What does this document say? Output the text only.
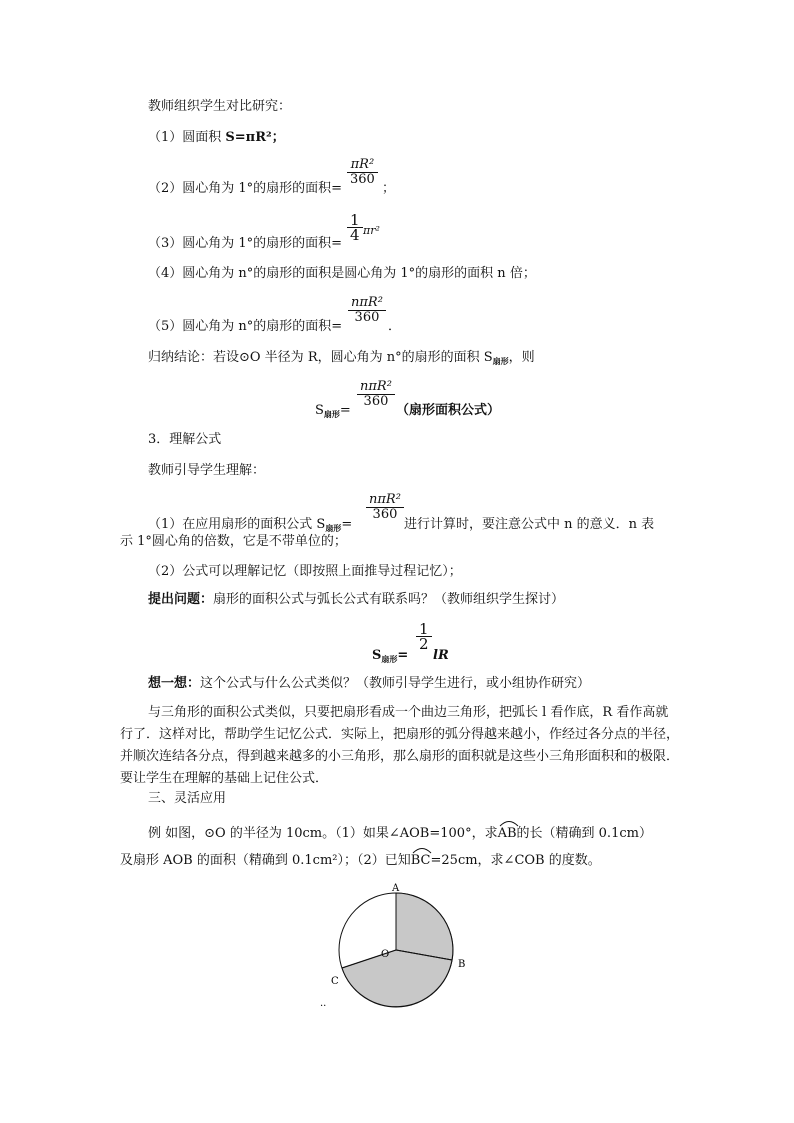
教师组织学生对比研究：
（1）圆面积 S=πR²；
（2）圆心角为 1°的扇形的面积=
πR²
360
；
（3）圆心角为 1°的扇形的面积=
1
4 πr²
（4）圆心角为 n°的扇形的面积是圆心角为 1°的扇形的面积 n 倍；
（5）圆心角为 n°的扇形的面积=
nπR²
360
．
归纳结论：若设⊙O 半径为 R，圆心角为 n°的扇形的面积 $S_{扇形}$，则
$S_{扇形}=$
nπR²
360
（扇形面积公式）
3．理解公式
教师引导学生理解：
（1）在应用扇形的面积公式 $S_{扇形}=$
nπR²
360
进行计算时，要注意公式中 n 的意义．n 表
示 1°圆心角的倍数，它是不带单位的；
（2）公式可以理解记忆（即按照上面推导过程记忆）；
提出问题：扇形的面积公式与弧长公式有联系吗？（教师组织学生探讨）
$S_{扇形}=$
1
2
lR
想一想：这个公式与什么公式类似？（教师引导学生进行，或小组协作研究）
与三角形的面积公式类似，只要把扇形看成一个曲边三角形，把弧长 l 看作底，R 看作高就行了．这样对比，帮助学生记忆公式．实际上，把扇形的弧分得越来越小，作经过各分点的半径，并顺次连结各分点，得到越来越多的小三角形，那么扇形的面积就是这些小三角形面积和的极限．要让学生在理解的基础上记住公式．
三、灵活应用
例 如图，⊙O 的半径为 10cm。（1）如果∠AOB=100°，求AB
的长（精确到 0.1cm）
及扇形 AOB 的面积（精确到 0.1cm²）；（2）已知BC
=25cm，求∠COB 的度数。
A
B
C
O
..
